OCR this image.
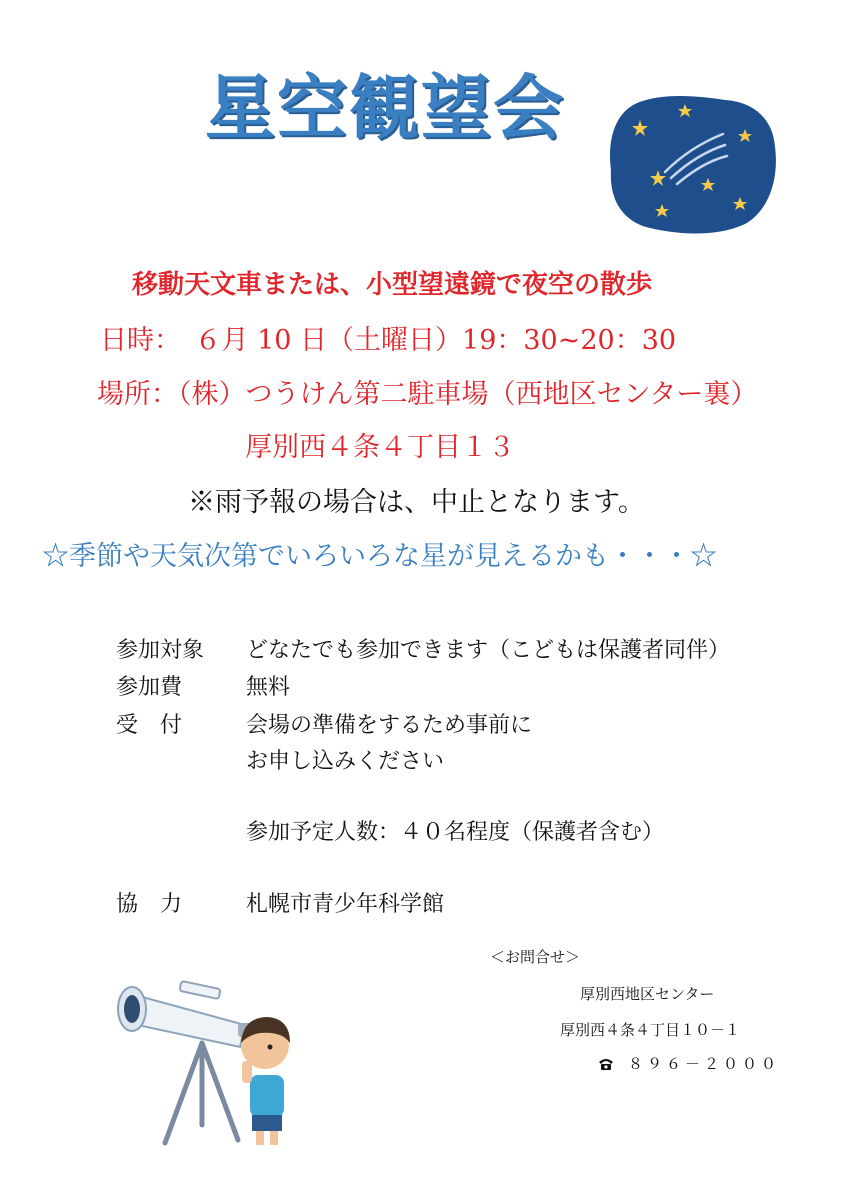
星空観望会
移動天文車または、小型望遠鏡で夜空の散歩
日時：　６月 10 日（土曜日）19：30~20：30
場所：（株）つうけん第二駐車場（西地区センター裏）
厚別西４条４丁目１３
※雨予報の場合は、中止となります。
☆季節や天気次第でいろいろな星が見えるかも・・・☆
参加対象 どなたでも参加できます（こどもは保護者同伴）
参加費	無料
受　付	会場の準備をするため事前に
お申し込みください
参加予定人数：４０名程度（保護者含む）
協　力	札幌市青少年科学館
＜お問合せ＞
厚別西地区センター
厚別西４条４丁目１０－１
８９６－２０００
